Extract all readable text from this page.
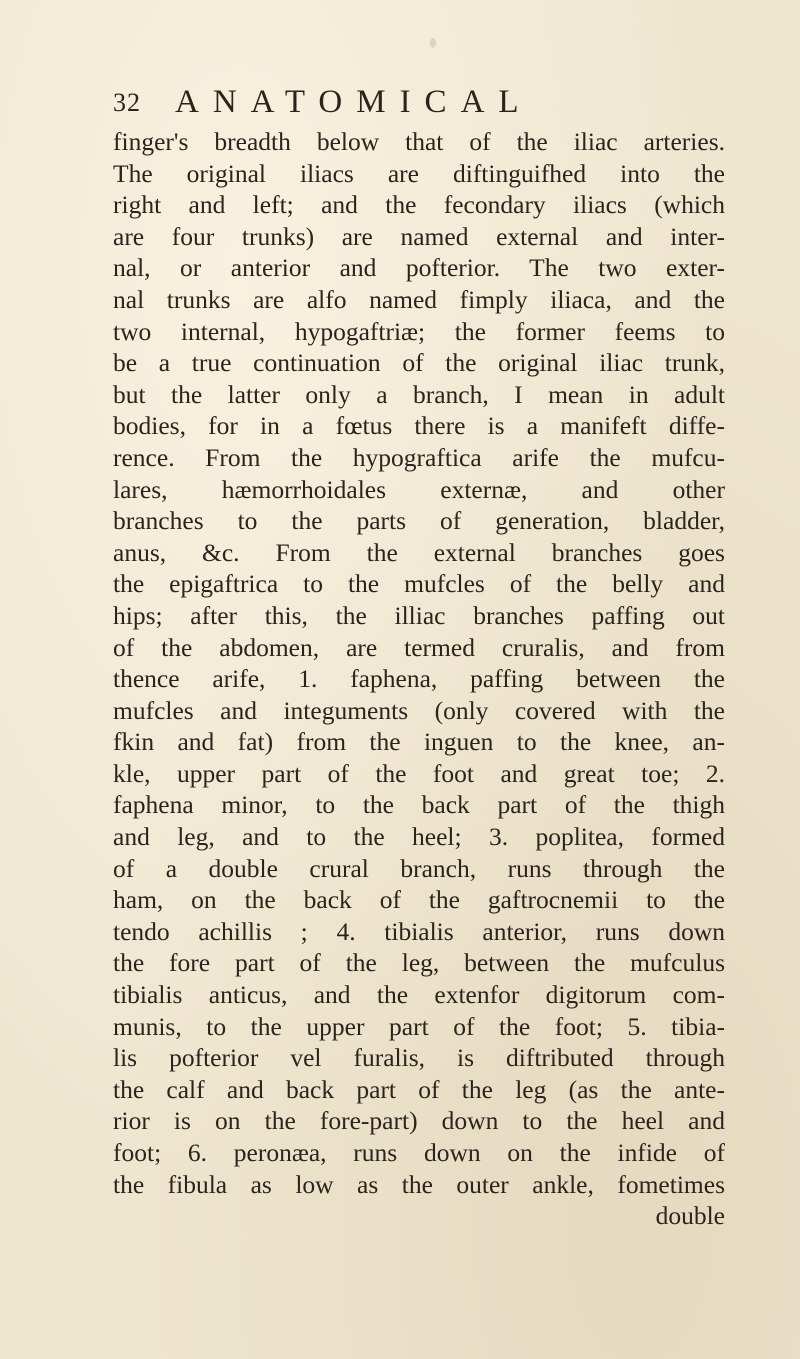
32 ANATOMICAL
finger's breadth below that of the iliac arteries.
The original iliacs are diftinguifhed into the
right and left; and the fecondary iliacs (which
are four trunks) are named external and inter-
nal, or anterior and pofterior. The two exter-
nal trunks are alfo named fimply iliaca, and the
two internal, hypogaftriæ; the former feems to
be a true continuation of the original iliac trunk,
but the latter only a branch, I mean in adult
bodies, for in a fœtus there is a manifeft diffe-
rence. From the hypograftica arife the mufcu-
lares, hæmorrhoidales externæ, and other
branches to the parts of generation, bladder,
anus, &c. From the external branches goes
the epigaftrica to the mufcles of the belly and
hips; after this, the illiac branches paffing out
of the abdomen, are termed cruralis, and from
thence arife, 1. faphena, paffing between the
mufcles and integuments (only covered with the
fkin and fat) from the inguen to the knee, an-
kle, upper part of the foot and great toe; 2.
faphena minor, to the back part of the thigh
and leg, and to the heel; 3. poplitea, formed
of a double crural branch, runs through the
ham, on the back of the gaftrocnemii to the
tendo achillis ; 4. tibialis anterior, runs down
the fore part of the leg, between the mufculus
tibialis anticus, and the extenfor digitorum com-
munis, to the upper part of the foot; 5. tibia-
lis pofterior vel furalis, is diftributed through
the calf and back part of the leg (as the ante-
rior is on the fore-part) down to the heel and
foot; 6. peronæa, runs down on the infide of
the fibula as low as the outer ankle, fometimes
double
